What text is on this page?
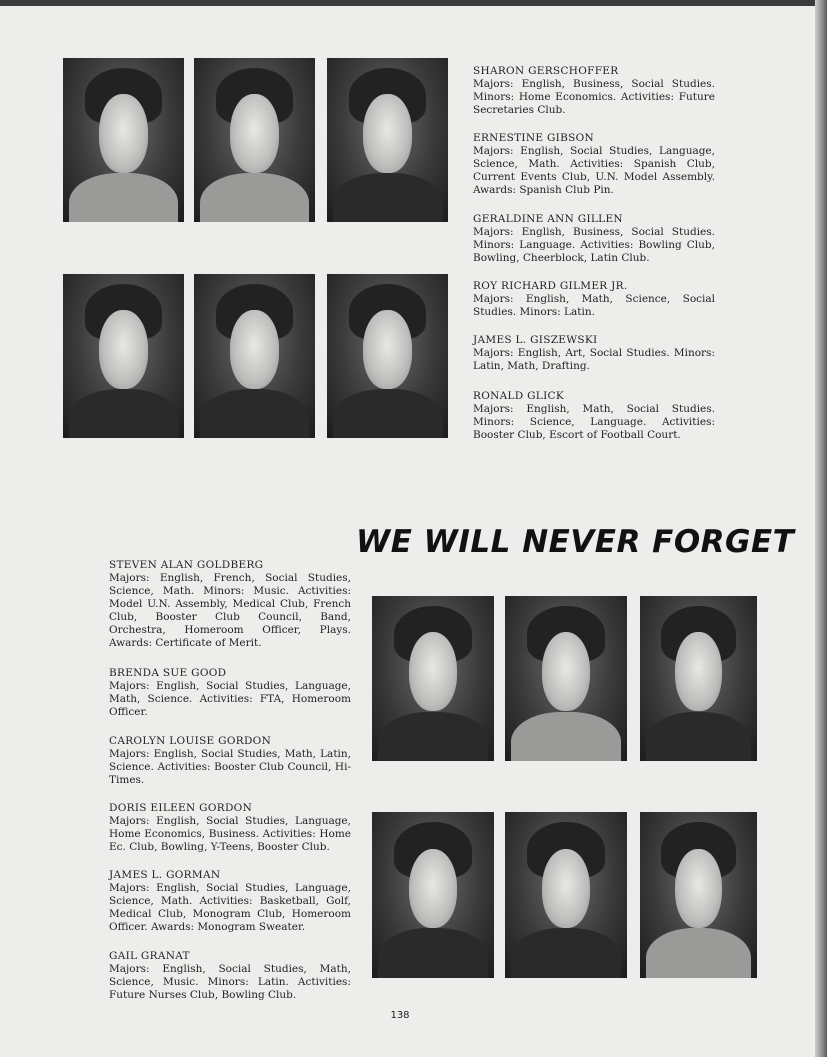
SHARON GERSCHOFFER
Majors: English, Business, Social Studies. Minors: Home Economics. Activities: Future Secretaries Club.
ERNESTINE GIBSON
Majors: English, Social Studies, Language, Science, Math. Activities: Spanish Club, Current Events Club, U.N. Model Assembly. Awards: Spanish Club Pin.
GERALDINE ANN GILLEN
Majors: English, Business, Social Studies. Minors: Language. Activities: Bowling Club, Bowling, Cheerblock, Latin Club.
ROY RICHARD GILMER JR.
Majors: English, Math, Science, Social Studies. Minors: Latin.
JAMES L. GISZEWSKI
Majors: English, Art, Social Studies. Minors: Latin, Math, Drafting.
RONALD GLICK
Majors: English, Math, Social Studies. Minors: Science, Language. Activities: Booster Club, Escort of Football Court.
WE WILL NEVER FORGET
STEVEN ALAN GOLDBERG
Majors: English, French, Social Studies, Science, Math. Minors: Music. Activities: Model U.N. Assembly, Medical Club, French Club, Booster Club Council, Band, Orchestra, Homeroom Officer, Plays. Awards: Certificate of Merit.
BRENDA SUE GOOD
Majors: English, Social Studies, Language, Math, Science. Activities: FTA, Homeroom Officer.
CAROLYN LOUISE GORDON
Majors: English, Social Studies, Math, Latin, Science. Activities: Booster Club Council, Hi-Times.
DORIS EILEEN GORDON
Majors: English, Social Studies, Language, Home Economics, Business. Activities: Home Ec. Club, Bowling, Y-Teens, Booster Club.
JAMES L. GORMAN
Majors: English, Social Studies, Language, Science, Math. Activities: Basketball, Golf, Medical Club, Monogram Club, Homeroom Officer. Awards: Monogram Sweater.
GAIL GRANAT
Majors: English, Social Studies, Math, Science, Music. Minors: Latin. Activities: Future Nurses Club, Bowling Club.
138
